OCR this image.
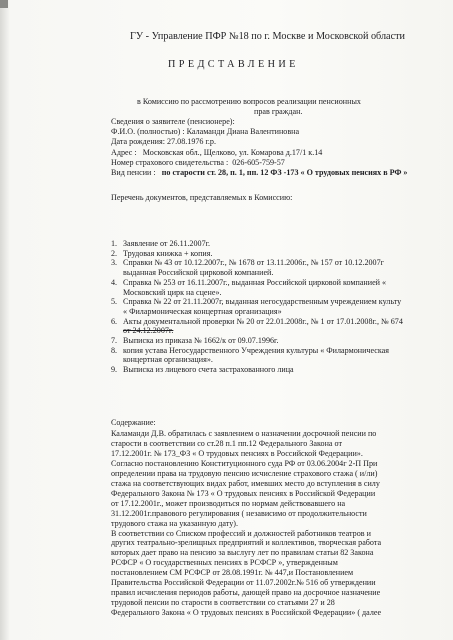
ГУ - Управление ПФР №18 по г. Москве и Московской области
ПРЕДСТАВЛЕНИЕ
в Комиссию по рассмотрению вопросов реализации пенсионных
прав граждан.
Сведения о заявителе (пенсионере):
Ф.И.О. (полностью) : Каламанди Диана Валентиновна
Дата рождения: 27.08.1976 г.р.
Адрес : Московская обл., Щелково, ул. Комарова д.17/1 к.14
Номер страхового свидетельства : 026-605-759-57
Вид пенсии : по старости ст. 28, п. 1, пп. 12 ФЗ -173 « О трудовых пенсиях в РФ »
Перечень документов, представляемых в Комиссию:
1. Заявление от 26.11.2007г.
2. Трудовая книжка + копия.
3. Справки № 43 от 10.12.2007г., № 1678 от 13.11.2006г., № 157 от 10.12.2007г
выданная Российской цирковой компанией.
4. Справка № 253 от 16.11.2007г., выданная Российской цирковой компанией «
Московский цирк на сцене».
5. Справка № 22 от 21.11.2007г, выданная негосударственным учреждением культу
« Филармоническая концертная организация»
6. Акты документальной проверки № 20 от 22.01.2008г., № 1 от 17.01.2008г., № 674
от 24.12.2007г.
7. Выписка из приказа № 1662/к от 09.07.1996г.
8. копия устава Негосударственного Учреждения культуры « Филармоническая
концертная организация».
9. Выписка из лицевого счета застрахованного лица
Содержание:
Каламанди Д.В. обратилась с заявлением о назначении досрочной пенсии по
старости в соответствии со ст.28 п.1 пп.12 Федерального Закона от
17.12.2001г. № 173_ФЗ « О трудовых пенсиях в Российской Федерации».
Согласно постановлению Конституционного суда РФ от 03.06.2004г 2-П При
определении права на трудовую пенсию исчисление страхового стажа ( и/ли)
стажа на соответствующих видах работ, имевших место до вступления в силу
Федерального Закона № 173 « О трудовых пенсиях в Российской Федерации
от 17.12.2001г., может производиться по нормам действовавшего на
31.12.2001г.правового регулирования ( независимо от продолжительности
трудового стажа на указанную дату).
В соответствии со Списком профессий и должностей работников театров и
других театрально-зрелищных предприятий и коллективов, творческая работа
которых дает право на пенсию за выслугу лет по правилам статьи 82 Закона
РСФСР « О государственных пенсиях в РСФСР », утвержденным
постановлением СМ РСФСР от 28.08.1991г. № 447,и Постановлением
Правительства Российской Федерации от 11.07.2002г.№ 516 об утверждении
правил исчисления периодов работы, дающей право на досрочное назначение
трудовой пенсии по старости в соответствии со статьями 27 и 28
Федерального Закона « О трудовых пенсиях в Российской Федерации» ( далее
